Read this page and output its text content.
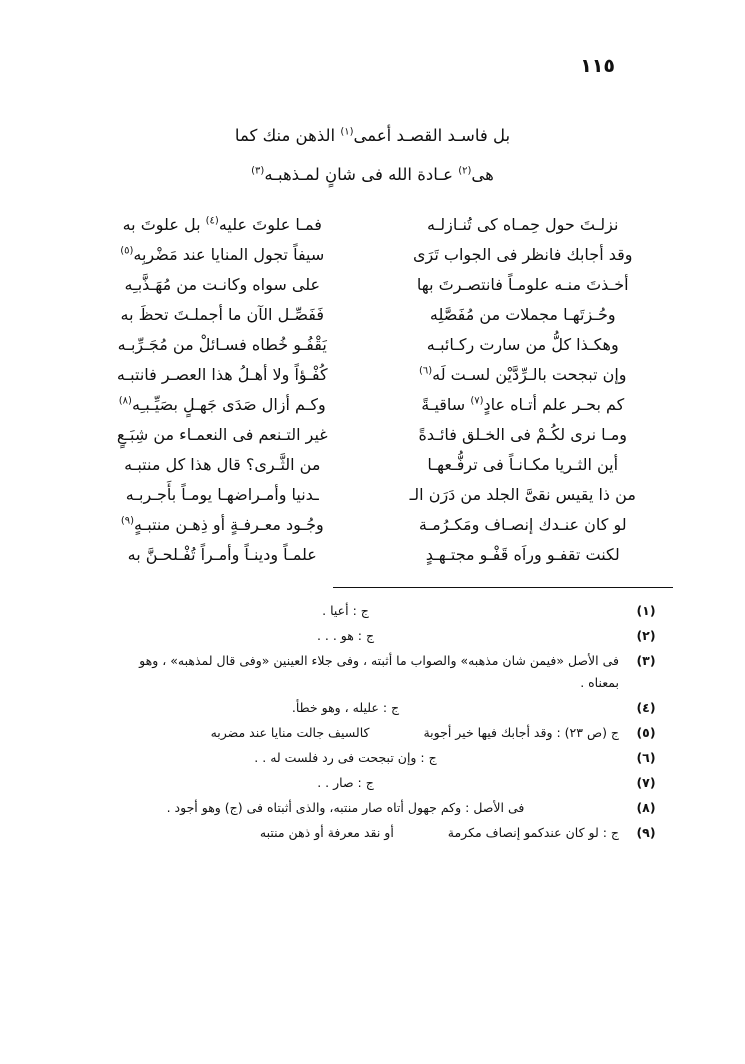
١١٥
بل فاسـد القصـد أعمى$^{(١)}$ الذهن منك كما
هى$^{(٢)}$ عـادة الله فى شانٍ لمـذهبـه$^{(٣)}$
نزلـتَ حول حِمـاه كى تُنـازلـه	فمـا علوتَ عليه$^{(٤)}$ بل علوتَ به
وقد أجابك فانظر فى الجواب تَرَى	سيفاً تجول المنايا عند مَضْربِه$^{(٥)}$
أخـذتَ منـه علومـاً فانتصـرتَ بها	على سواه وكانـت من مُهَـذَّبـِه
وحُـزتَهـا مجملات من مُفَصَّلِه	فَفَصِّـل الآن ما أجملـتَ تحظَ به
وهكـذا كلُّ من سارت ركـائبـه	يَقْفُـو خُطاه فسـائلْ من مُجَـرِّبـه
وإن تبجحت بالـرِّدَّيْن لسـت لَه$^{(٦)}$	كُفْـؤاً ولا أهـلُ هذا العصـر فانتبـه
كم بحـر علم أتـاه عادٍ$^{(٧)}$ ساقيـةً	وكـم أزال صَدَى جَهـلٍ بصَيِّـبـِه$^{(٨)}$
ومـا نرى لكُـمْ فى الخـلق فائـدةً	غير التـنعم فى النعمـاء من شِبَـعٍ
أين الثـريا مكـانـاً فى ترفُّـعهـا	من الثَّـرى؟ قال هذا كل منتبـه
من ذا يقيس نقىَّ الجلد من دَرَن الـ	ـدنيا وأمـراضهـا يومـاً بأَجـربـه
لو كان عنـدك إنصـاف ومَكـرُمـة	وجُـود معـرفـةٍ أو ذِهـن منتبـهٍ$^{(٩)}$
لكنت تقفـو وراَه قَفْـو مجتـهـدٍ	علمـاً ودينـاً وأمـراً تُفْـلحـنَّ به
(١)	ج : أعيا .
(٢)	ج : هو . . .
(٣)	فى الأصل «فيمن شان مذهبه» والصواب ما أثبته ، وفى جلاء العينين «وفى قال لمذهبه» ، وهو
بمعناه .

(٤)	ج : عليله ، وهو خطأ.
(٥)	ج (ص ٢٣) : وقد أجابك فيها خير أجوبة  كالسيف جالت منايا عند مضربه
(٦)	ج : وإن تبجحت فى رد فلست له . .
(٧)	ج : صار . .
(٨)	فى الأصل : وكم جهول أتاه صار منتبه، والذى أثبتاه فى (ج) وهو أجود .
(٩)	ج : لو كان عندكمو إنصاف مكرمة  أو نقد معرفة أو ذهن منتبه
